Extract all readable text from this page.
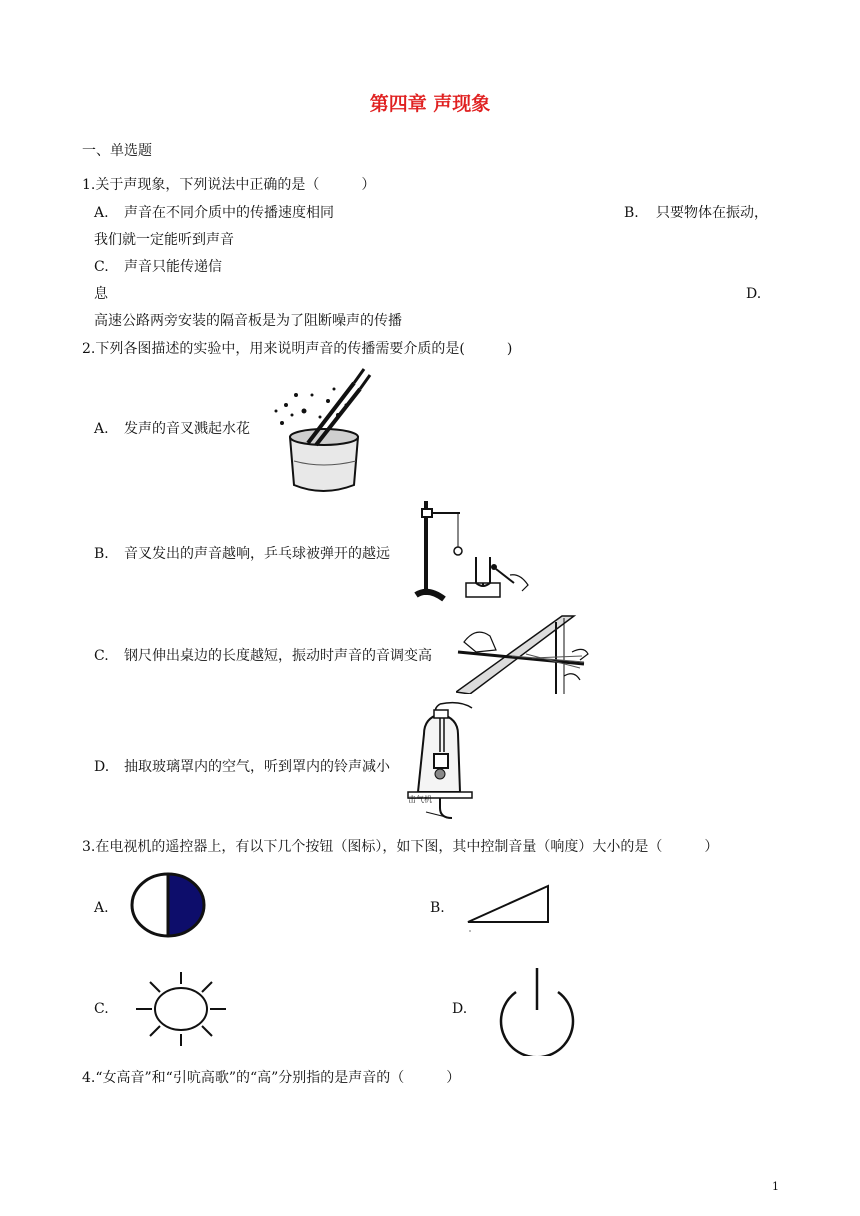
第四章 声现象
一、单选题
1.关于声现象，下列说法中正确的是（　　　）
A. 声音在不同介质中的传播速度相同	B. 只要物体在振动，
我们就一定能听到声音
C. 声音只能传递信
息	D.
高速公路两旁安装的隔音板是为了阻断噪声的传播
2.下列各图描述的实验中，用来说明声音的传播需要介质的是(　　　)
A. 发声的音叉溅起水花
B. 音叉发出的声音越响，乒乓球被弹开的越远
C. 钢尺伸出桌边的长度越短，振动时声音的音调变高
D. 抽取玻璃罩内的空气，听到罩内的铃声减小
击气机
3.在电视机的遥控器上，有以下几个按钮（图标），如下图，其中控制音量（响度）大小的是（　　　）
A.	B.
C.	D.
4.“女高音”和“引吭高歌”的“高”分别指的是声音的（　　　）
1
